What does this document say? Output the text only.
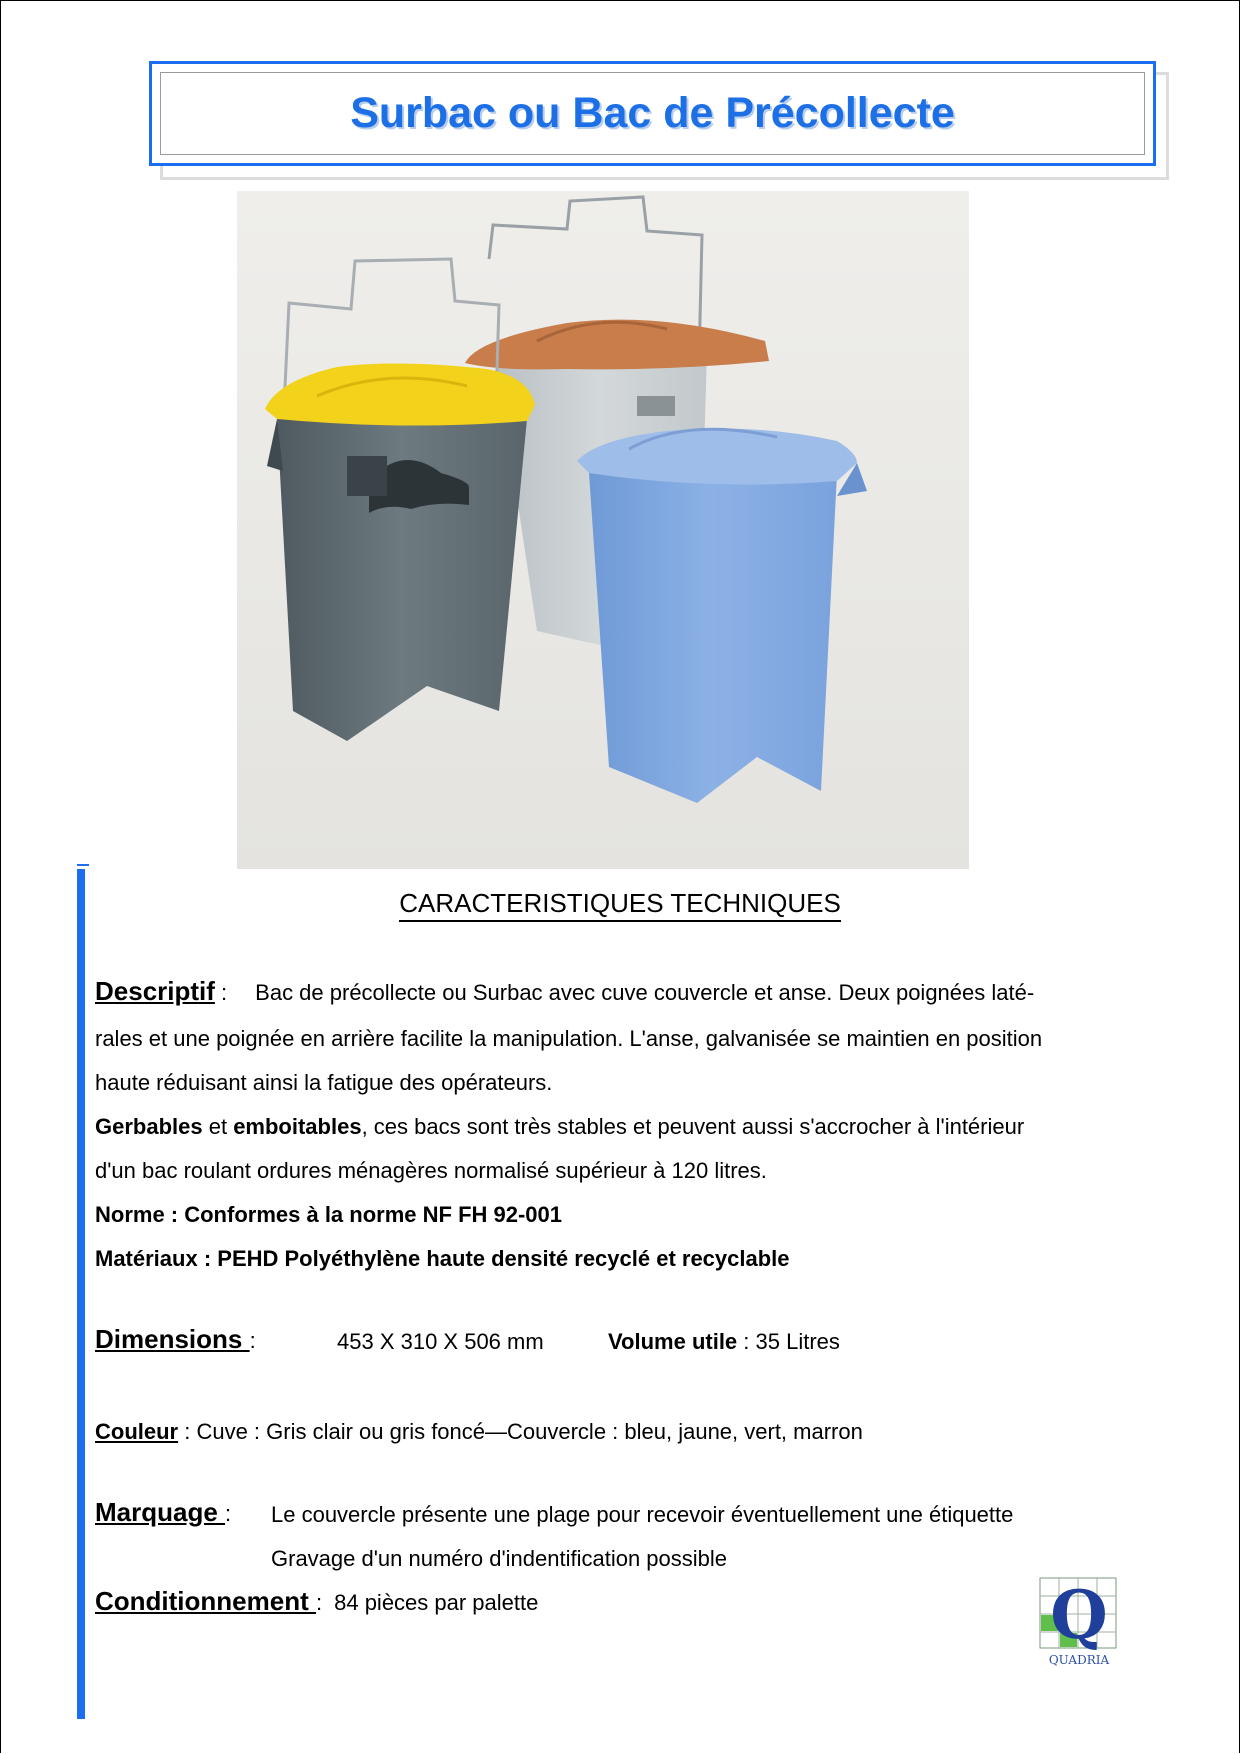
Surbac ou Bac de Précollecte
CARACTERISTIQUES TECHNIQUES
Descriptif : Bac de précollecte ou Surbac avec cuve couvercle et anse. Deux poignées laté-
rales et une poignée en arrière facilite la manipulation. L'anse, galvanisée se maintien en position
haute réduisant ainsi la fatigue des opérateurs.
Gerbables et emboitables, ces bacs sont très stables et peuvent aussi s'accrocher à l'intérieur
d'un bac roulant ordures ménagères normalisé supérieur à 120 litres.
Norme : Conformes à la norme NF FH 92-001
Matériaux : PEHD Polyéthylène haute densité recyclé et recyclable
Dimensions :	453 X 310 X 506 mm	Volume utile : 35 Litres
Couleur : Cuve : Gris clair ou gris foncé—Couvercle : bleu, jaune, vert, marron
Marquage : Le couvercle présente une plage pour recevoir éventuellement une étiquette
Gravage d'un numéro d'indentification possible
Conditionnement : 84 pièces par palette	Q
QUADRIA
